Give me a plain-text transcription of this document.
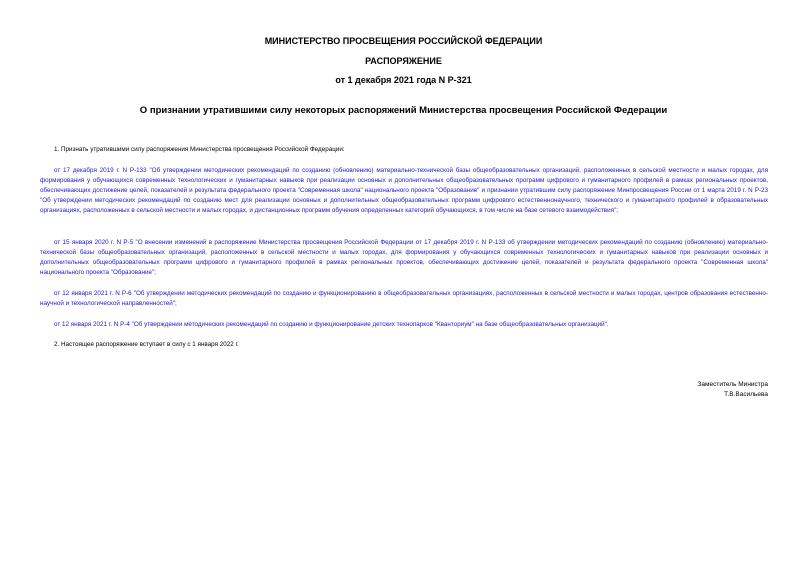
МИНИСТЕРСТВО ПРОСВЕЩЕНИЯ РОССИЙСКОЙ ФЕДЕРАЦИИ

РАСПОРЯЖЕНИЕ

от 1 декабря 2021 года N Р-321

О признании утратившими силу некоторых распоряжений Министерства просвещения Российской Федерации

1. Признать утратившими силу распоряжения Министерства просвещения Российской Федерации:

от 17 декабря 2019 г. N Р-133 "Об утверждении методических рекомендаций по созданию (обновлению) материально-технической базы общеобразовательных организаций, расположенных в сельской местности и малых городах, для формирования у обучающихся современных технологических и гуманитарных навыков при реализации основных и дополнительных общеобразовательных программ цифрового и гуманитарного профилей в рамках региональных проектов, обеспечивающих достижение целей, показателей и результата федерального проекта "Современная школа" национального проекта "Образование" и признании утратившим силу распоряжение Минпросвещения России от 1 марта 2019 г. N Р-23 "Об утверждении методических рекомендаций по созданию мест для реализации основных и дополнительных общеобразовательных программ цифрового естественнонаучного, технического и гуманитарного профилей в образовательных организациях, расположенных в сельской местности и малых городах, и дистанционных программ обучения определенных категорий обучающихся, в том числе на базе сетевого взаимодействия";

от 15 января 2020 г. N Р-5 "О внесении изменений в распоряжение Министерства просвещения Российской Федерации от 17 декабря 2019 г. N Р-133 об утверждении методических рекомендаций по созданию (обновлению) материально-технической базы общеобразовательных организаций, расположенных в сельской местности и малых городах, для формирования у обучающихся современных технологических и гуманитарных навыков при реализации основных и дополнительных общеобразовательных программ цифрового и гуманитарного профилей в рамках региональных проектов, обеспечивающих достижение целей, показателей и результата федерального проекта "Современная школа" национального проекта "Образование";

от 12 января 2021 г. N Р-6 "Об утверждении методических рекомендаций по созданию и функционированию в общеобразовательных организациях, расположенных в сельской местности и малых городах, центров образования естественно-научной и технологической направленностей";

от 12 января 2021 г. N Р-4 "Об утверждении методических рекомендаций по созданию и функционирование детских технопарков "Кванториум" на базе общеобразовательных организаций".

2. Настоящее распоряжение вступает в силу с 1 января 2022 г.

Заместитель Министра

Т.В.Васильева
